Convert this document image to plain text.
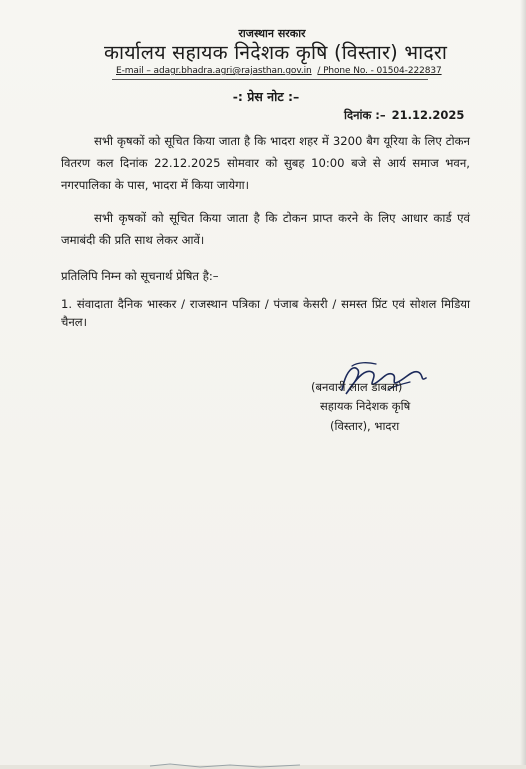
राजस्थान सरकार
कार्यालय सहायक निदेशक कृषि (विस्तार) भादरा
E-mail – adagr.bhadra.agri@rajasthan.gov.in / Phone No. - 01504-222837
-: प्रेस नोट :–
दिनांक :– 21.12.2025
सभी कृषकों को सूचित किया जाता है कि भादरा शहर में 3200 बैग यूरिया के लिए टोकन वितरण कल दिनांक 22.12.2025 सोमवार को सुबह 10:00 बजे से आर्य समाज भवन, नगरपालिका के पास, भादरा में किया जायेगा।
सभी कृषकों को सूचित किया जाता है कि टोकन प्राप्त करने के लिए आधार कार्ड एवं जमाबंदी की प्रति साथ लेकर आवें।
प्रतिलिपि निम्न को सूचनार्थ प्रेषित है:–
1. संवादाता दैनिक भास्कर / राजस्थान पत्रिका / पंजाब केसरी / समस्त प्रिंट एवं सोशल मिडिया चैनल।
(बनवारी लाल डाबला)
सहायक निदेशक कृषि
(विस्तार), भादरा
